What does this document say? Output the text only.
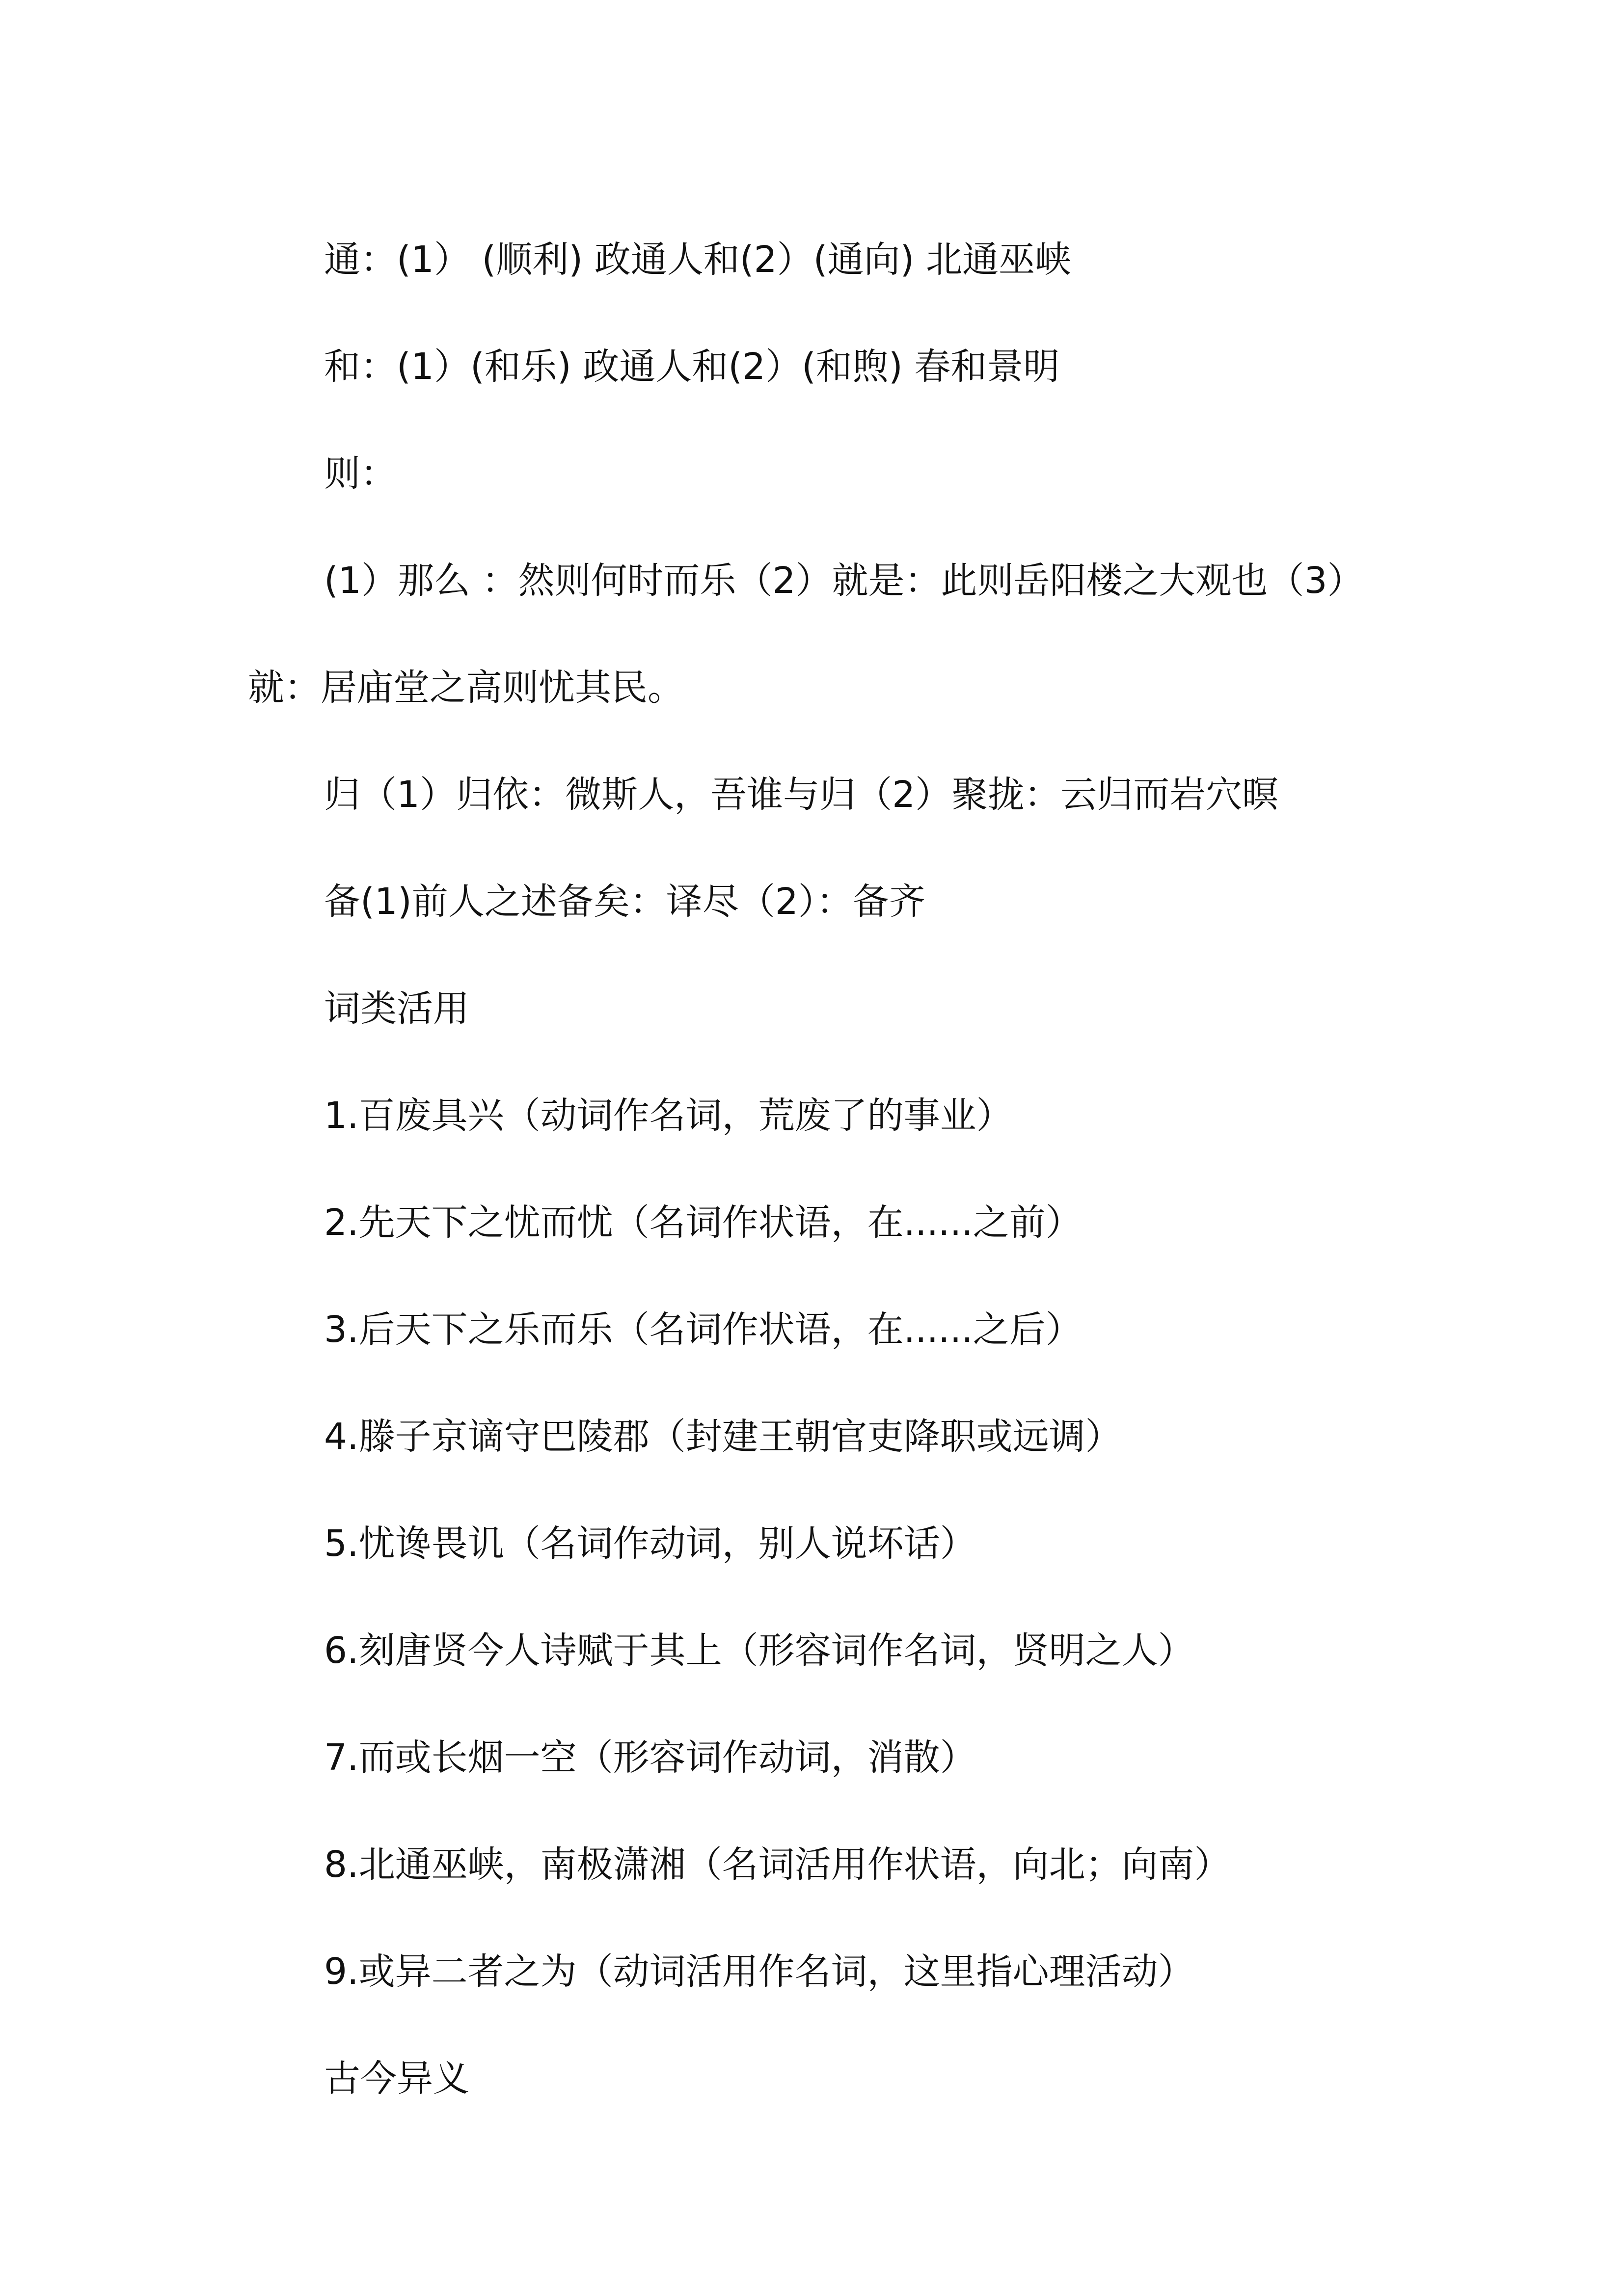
通：(1） (顺利) 政通人和(2）(通向) 北通巫峡

和：(1）(和乐) 政通人和(2）(和煦) 春和景明

则：

(1）那么 ：然则何时而乐（2）就是：此则岳阳楼之大观也（3）就：居庙堂之高则忧其民。

归（1）归依：微斯人，吾谁与归（2）聚拢：云归而岩穴暝

备(1)前人之述备矣：译尽（2）：备齐

词类活用

1.百废具兴（动词作名词，荒废了的事业）

2.先天下之忧而忧（名词作状语，在......之前）

3.后天下之乐而乐（名词作状语，在......之后）

4.滕子京谪守巴陵郡（封建王朝官吏降职或远调）

5.忧谗畏讥（名词作动词，别人说坏话）

6.刻唐贤今人诗赋于其上（形容词作名词，贤明之人）

7.而或长烟一空（形容词作动词，消散）

8.北通巫峡，南极潇湘（名词活用作状语，向北；向南）

9.或异二者之为（动词活用作名词，这里指心理活动）

古今异义
